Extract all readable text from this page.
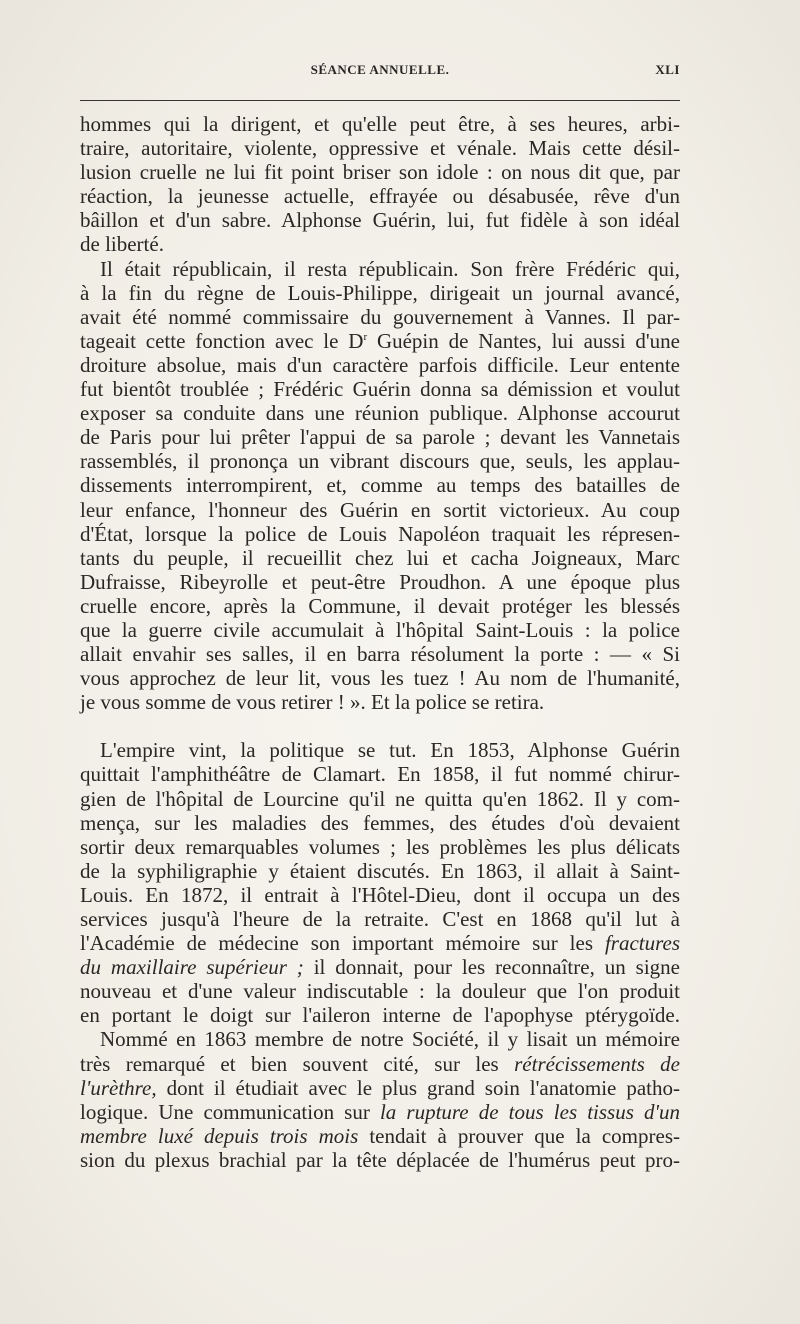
SÉANCE ANNUELLE.	XLI
hommes qui la dirigent, et qu'elle peut être, à ses heures, arbi-
traire, autoritaire, violente, oppressive et vénale. Mais cette désil-
lusion cruelle ne lui fit point briser son idole : on nous dit que, par
réaction, la jeunesse actuelle, effrayée ou désabusée, rêve d'un
bâillon et d'un sabre. Alphonse Guérin, lui, fut fidèle à son idéal
de liberté.
Il était républicain, il resta républicain. Son frère Frédéric qui,
à la fin du règne de Louis-Philippe, dirigeait un journal avancé,
avait été nommé commissaire du gouvernement à Vannes. Il par-
tageait cette fonction avec le $D^r$ Guépin de Nantes, lui aussi d'une
droiture absolue, mais d'un caractère parfois difficile. Leur entente
fut bientôt troublée ; Frédéric Guérin donna sa démission et voulut
exposer sa conduite dans une réunion publique. Alphonse accourut
de Paris pour lui prêter l'appui de sa parole ; devant les Vannetais
rassemblés, il prononça un vibrant discours que, seuls, les applau-
dissements interrompirent, et, comme au temps des batailles de
leur enfance, l'honneur des Guérin en sortit victorieux. Au coup
d'État, lorsque la police de Louis Napoléon traquait les répresen-
tants du peuple, il recueillit chez lui et cacha Joigneaux, Marc
Dufraisse, Ribeyrolle et peut-être Proudhon. A une époque plus
cruelle encore, après la Commune, il devait protéger les blessés
que la guerre civile accumulait à l'hôpital Saint-Louis : la police
allait envahir ses salles, il en barra résolument la porte : — « Si
vous approchez de leur lit, vous les tuez ! Au nom de l'humanité,
je vous somme de vous retirer ! ». Et la police se retira.
L'empire vint, la politique se tut. En 1853, Alphonse Guérin
quittait l'amphithéâtre de Clamart. En 1858, il fut nommé chirur-
gien de l'hôpital de Lourcine qu'il ne quitta qu'en 1862. Il y com-
mença, sur les maladies des femmes, des études d'où devaient
sortir deux remarquables volumes ; les problèmes les plus délicats
de la syphiligraphie y étaient discutés. En 1863, il allait à Saint-
Louis. En 1872, il entrait à l'Hôtel-Dieu, dont il occupa un des
services jusqu'à l'heure de la retraite. C'est en 1868 qu'il lut à
l'Académie de médecine son important mémoire sur les fractures
du maxillaire supérieur ; il donnait, pour les reconnaître, un signe
nouveau et d'une valeur indiscutable : la douleur que l'on produit
en portant le doigt sur l'aileron interne de l'apophyse ptérygoïde.
Nommé en 1863 membre de notre Société, il y lisait un mémoire
très remarqué et bien souvent cité, sur les rétrécissements de
l'urèthre, dont il étudiait avec le plus grand soin l'anatomie patho-
logique. Une communication sur la rupture de tous les tissus d'un
membre luxé depuis trois mois tendait à prouver que la compres-
sion du plexus brachial par la tête déplacée de l'humérus peut pro-
